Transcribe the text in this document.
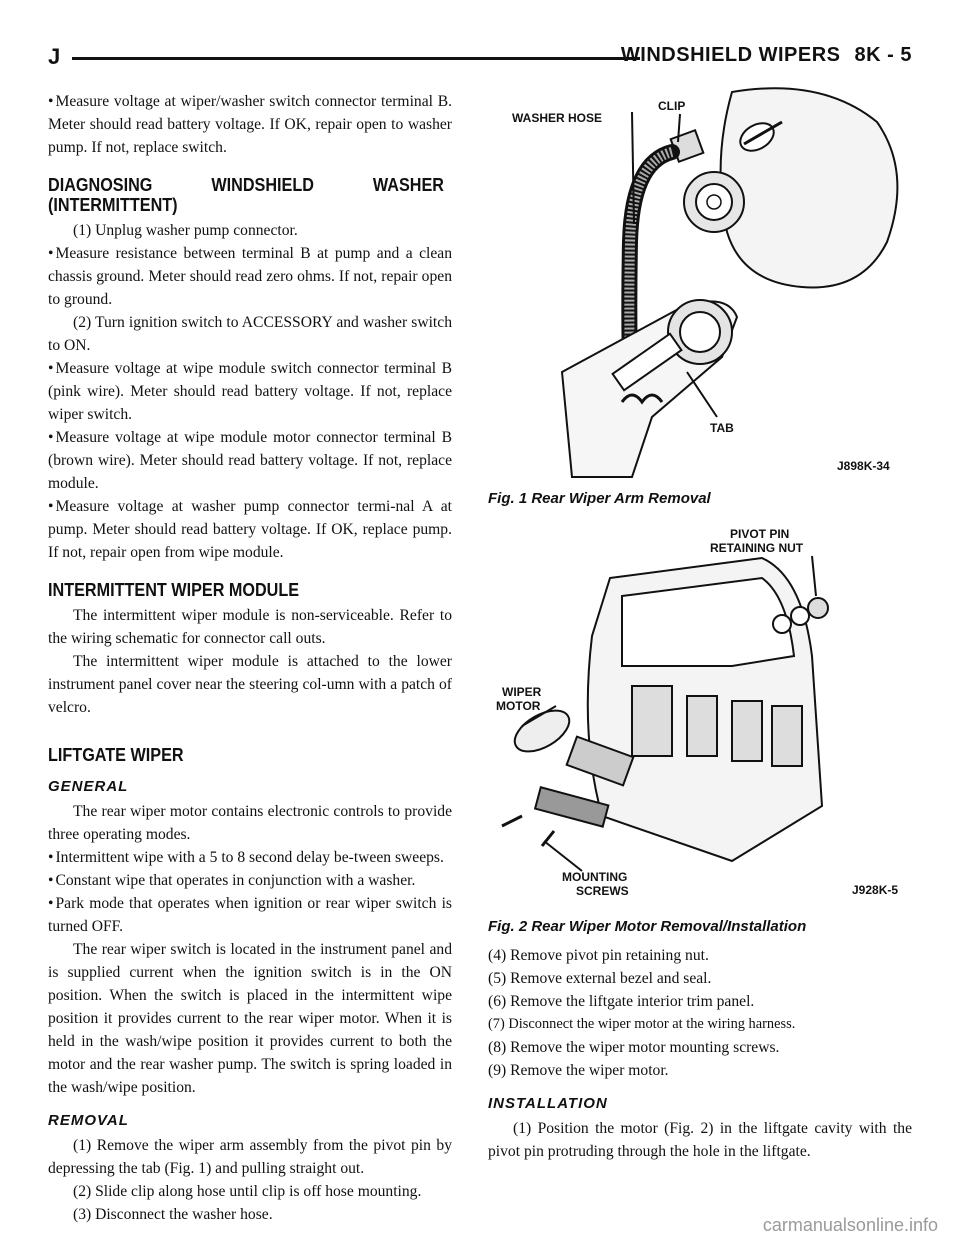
J	WINDSHIELD WIPERS 8K - 5

• Measure voltage at wiper/washer switch connector terminal B. Meter should read battery voltage. If OK, repair open to washer pump. If not, replace switch.

DIAGNOSING WINDSHIELD WASHER (INTERMITTENT)

(1) Unplug washer pump connector.

• Measure resistance between terminal B at pump and a clean chassis ground. Meter should read zero ohms. If not, repair open to ground.

(2) Turn ignition switch to ACCESSORY and washer switch to ON.

• Measure voltage at wipe module switch connector terminal B (pink wire). Meter should read battery voltage. If not, replace wiper switch.

• Measure voltage at wipe module motor connector terminal B (brown wire). Meter should read battery voltage. If not, replace module.

• Measure voltage at washer pump connector termi-nal A at pump. Meter should read battery voltage. If OK, replace pump. If not, repair open from wipe module.

INTERMITTENT WIPER MODULE

The intermittent wiper module is non-serviceable. Refer to the wiring schematic for connector call outs.

The intermittent wiper module is attached to the lower instrument panel cover near the steering col-umn with a patch of velcro.

LIFTGATE WIPER
GENERAL

The rear wiper motor contains electronic controls to provide three operating modes.

• Intermittent wipe with a 5 to 8 second delay be-tween sweeps.

• Constant wipe that operates in conjunction with a washer.

• Park mode that operates when ignition or rear wiper switch is turned OFF.

The rear wiper switch is located in the instrument panel and is supplied current when the ignition switch is in the ON position. When the switch is placed in the intermittent wipe position it provides current to the rear wiper motor. When it is held in the wash/wipe position it provides current to both the motor and the rear washer pump. The switch is spring loaded in the wash/wipe position.

REMOVAL

(1) Remove the wiper arm assembly from the pivot pin by depressing the tab (Fig. 1) and pulling straight out.

(2) Slide clip along hose until clip is off hose mounting.

(3) Disconnect the washer hose.

WASHER HOSE
CLIP
TAB
J898K-34
Fig. 1 Rear Wiper Arm Removal
PIVOT PIN
RETAINING NUT
WIPER
MOTOR
MOUNTING
SCREWS	J928K-5
Fig. 2 Rear Wiper Motor Removal/Installation

(4) Remove pivot pin retaining nut.

(5) Remove external bezel and seal.

(6) Remove the liftgate interior trim panel.

(7) Disconnect the wiper motor at the wiring harness.

(8) Remove the wiper motor mounting screws.

(9) Remove the wiper motor.

INSTALLATION

(1) Position the motor (Fig. 2) in the liftgate cavity with the pivot pin protruding through the hole in the liftgate.

carmanualsonline.info
